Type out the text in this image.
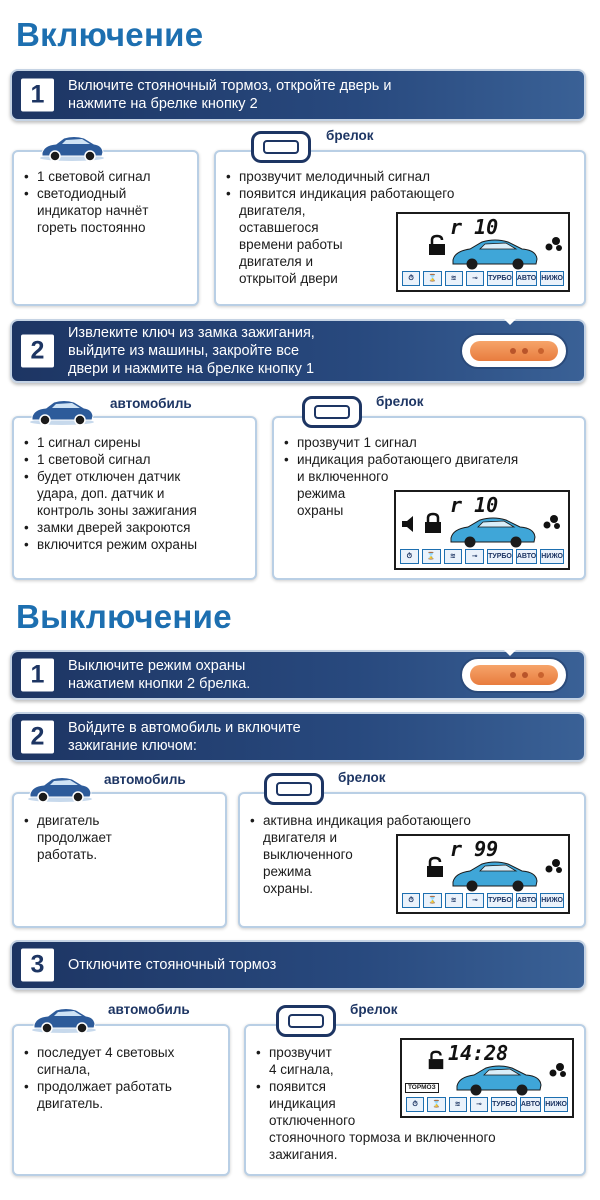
Включение
1	Включите стояночный тормоз, откройте дверь и
нажмите на брелке кнопку 2
• 1 световой сигнал
• светодиодный
индикатор начнёт
гореть постоянно
• прозвучит мелодичный сигнал
• появится индикация работающего
двигателя,
оставшегося
времени работы
двигателя и
открытой двери
брелок
r 10
⏱	⌛	≋	⊸	ТУРБО АВТО НИЖО
2
Извлеките ключ из замка зажигания,
выйдите из машины, закройте все
двери и нажмите на брелке кнопку 1
• 1 сигнал сирены
• 1 световой сигнал
• будет отключен датчик
удара, доп. датчик и
контроль зоны зажигания
• замки дверей закроются
• включится режим охраны
автомобиль
• прозвучит 1 сигнал
• индикация работающего двигателя
и включенного
режима
охраны
брелок
r 10
⏱	⌛	≋	⊸	ТУРБО АВТО НИЖО
Выключение
1	Выключите режим охраны
нажатием кнопки 2 брелка.
2	Войдите в автомобиль и включите
зажигание ключом:
• двигатель
продолжает
работать.
автомобиль
• активна индикация работающего
двигателя и
выключенного
режима
охраны.
брелок
r 99
⏱	⌛	≋	⊸	ТУРБО АВТО НИЖО
3	Отключите стояночный тормоз
• последует 4 световых
сигнала,
• продолжает работать
двигатель.
автомобиль
• прозвучит
4 сигнала,
• появится
индикация
отключенного
стояночного тормоза и включенного
зажигания.
брелок
14:28
ТОРМОЗ
⏱	⌛	≋	⊸	ТУРБО АВТО НИЖО
